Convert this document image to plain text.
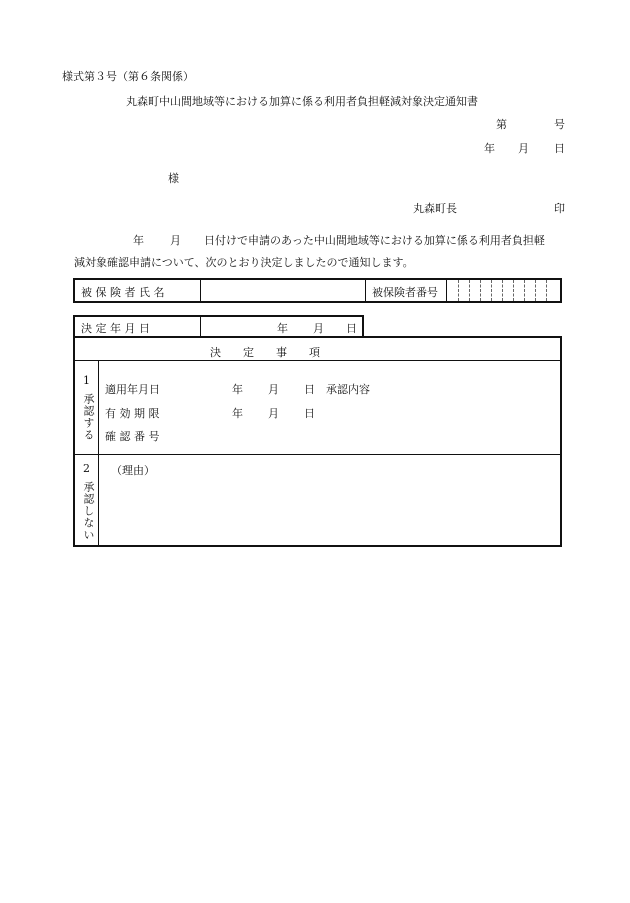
様式第３号（第６条関係）
丸森町中山間地域等における加算に係る利用者負担軽減対象決定通知書
第	号
年 月 日
様
丸森町長	印
年 月 日付けで申請のあった中山間地域等における加算に係る利用者負担軽
減対象確認申請について、次のとおり決定しましたので通知します。
被 保 険 者 氏 名	被保険者番号
決 定 年 月 日	年 月 日
決　　定　　事　　項
1
承認する
適用年月日	年 月 日 承認内容
有 効 期 限	年 月 日
確 認 番 号
2
承認しない
（理由）
